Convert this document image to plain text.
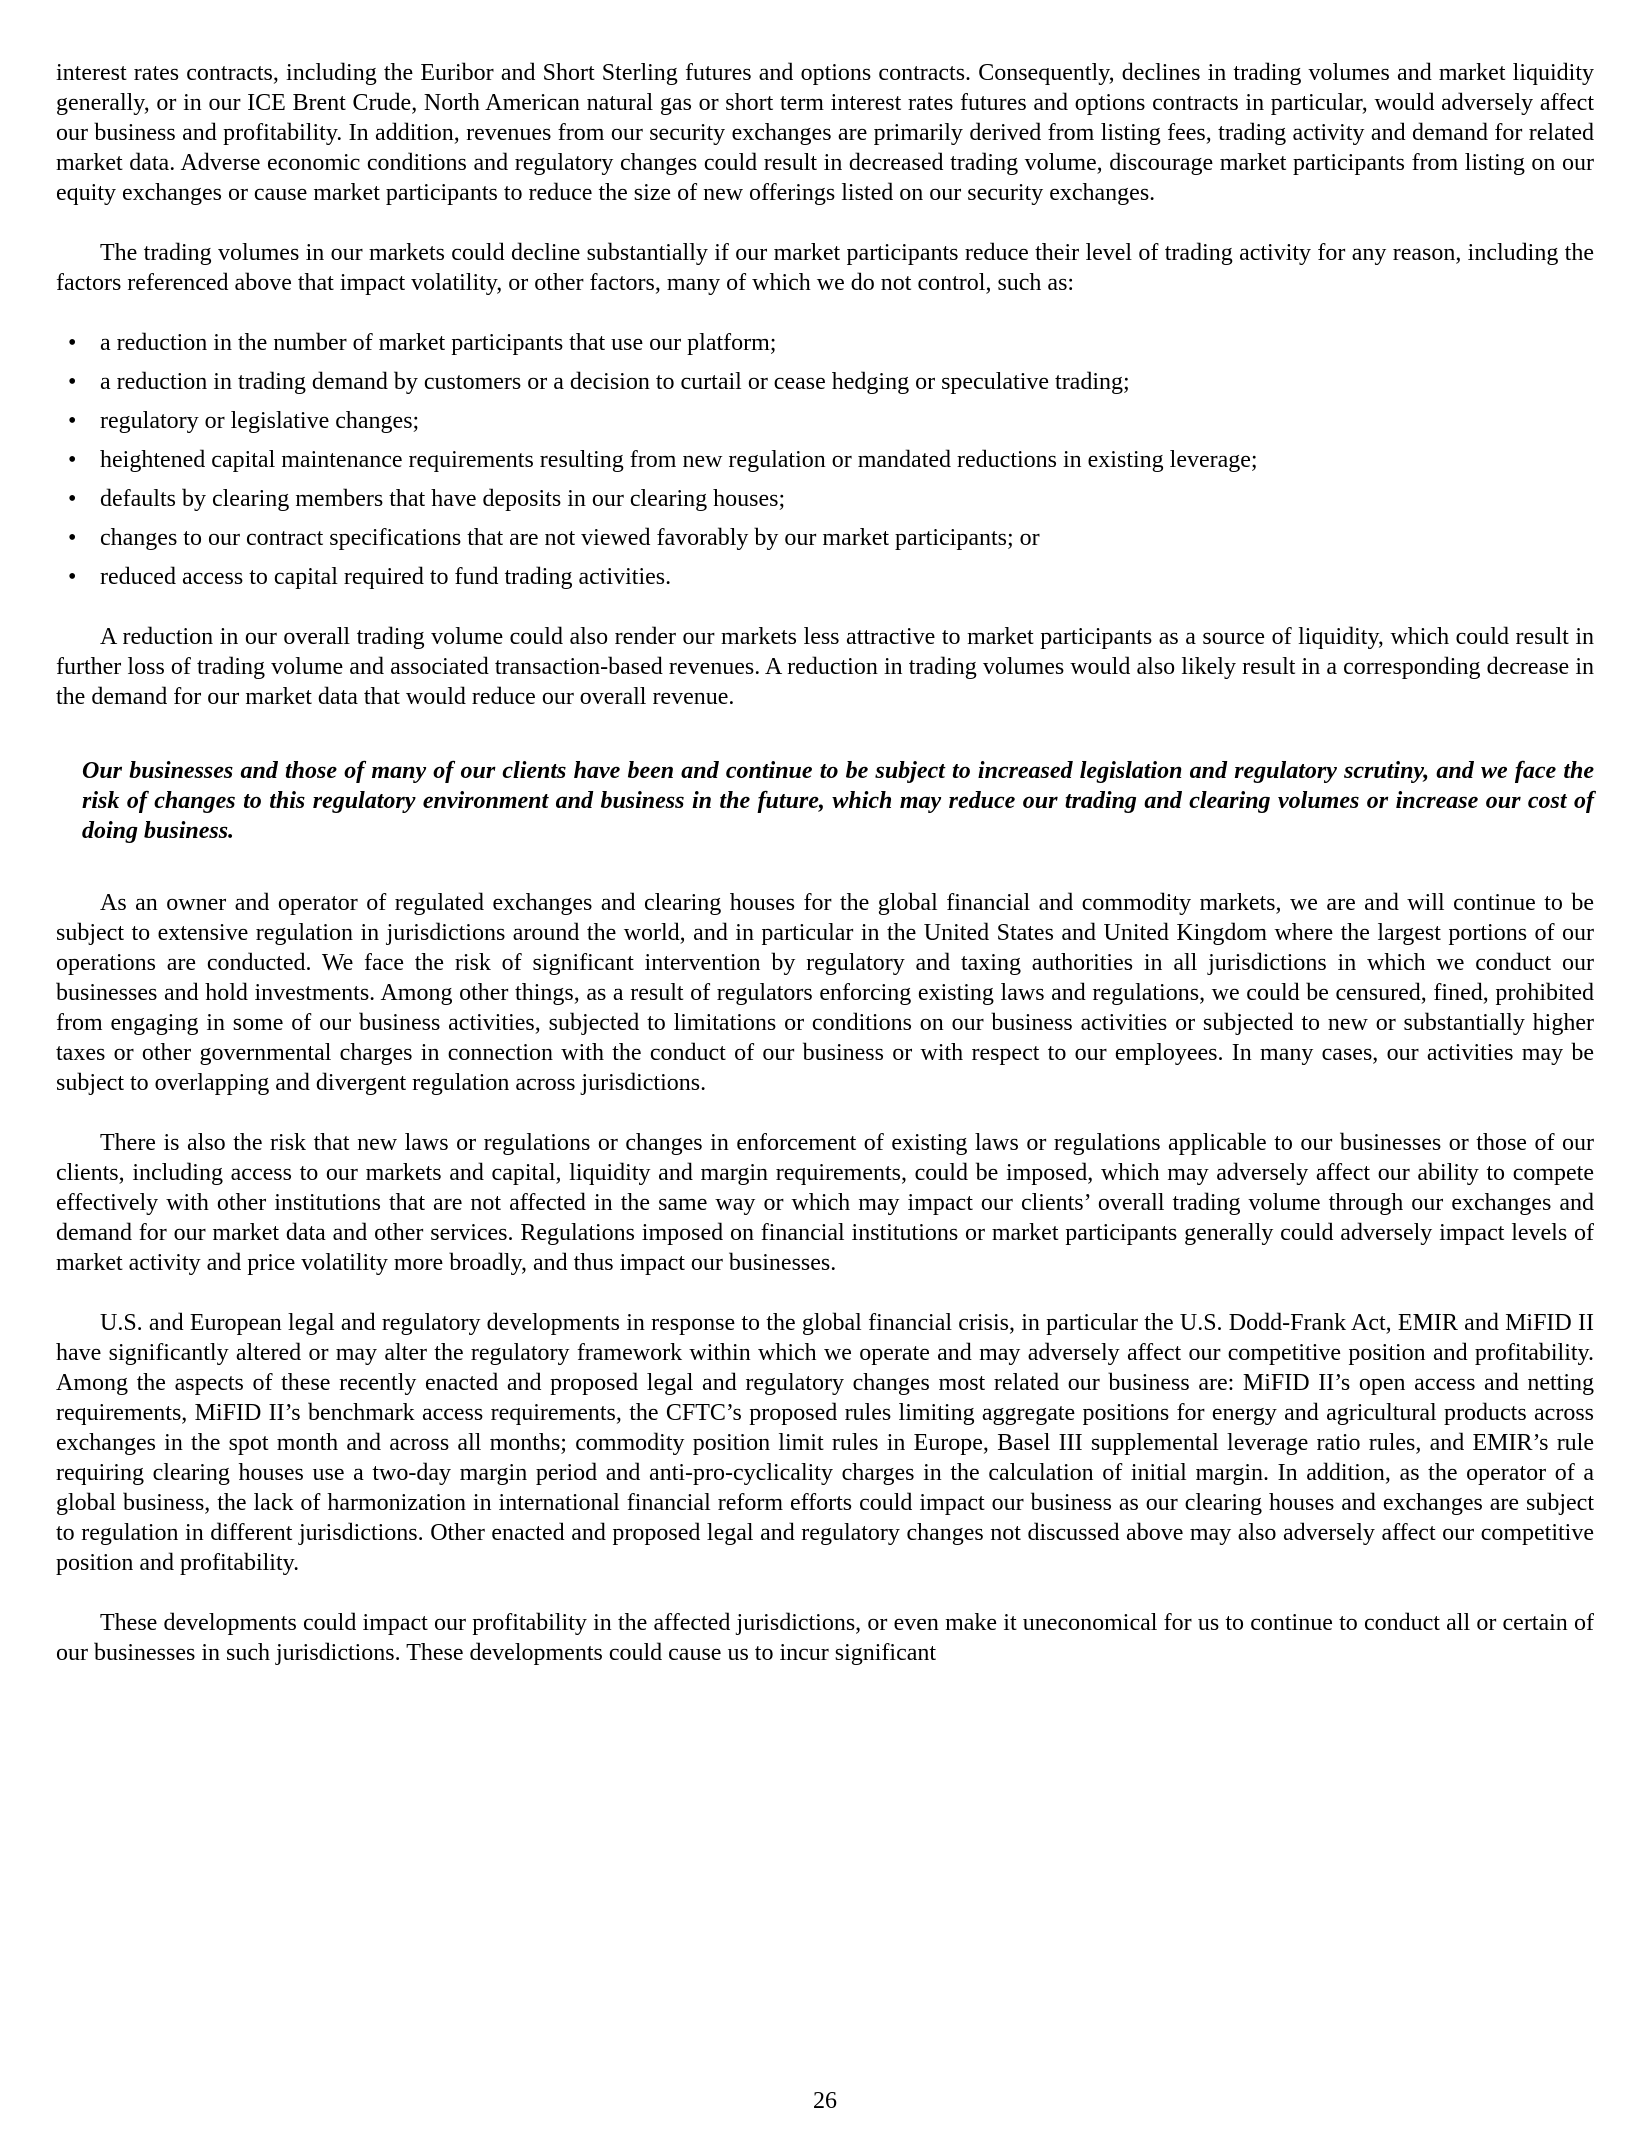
interest rates contracts, including the Euribor and Short Sterling futures and options contracts. Consequently, declines in trading volumes and market liquidity generally, or in our ICE Brent Crude, North American natural gas or short term interest rates futures and options contracts in particular, would adversely affect our business and profitability. In addition, revenues from our security exchanges are primarily derived from listing fees, trading activity and demand for related market data. Adverse economic conditions and regulatory changes could result in decreased trading volume, discourage market participants from listing on our equity exchanges or cause market participants to reduce the size of new offerings listed on our security exchanges.

The trading volumes in our markets could decline substantially if our market participants reduce their level of trading activity for any reason, including the factors referenced above that impact volatility, or other factors, many of which we do not control, such as:

• a reduction in the number of market participants that use our platform;
• a reduction in trading demand by customers or a decision to curtail or cease hedging or speculative trading;
• regulatory or legislative changes;
• heightened capital maintenance requirements resulting from new regulation or mandated reductions in existing leverage;
• defaults by clearing members that have deposits in our clearing houses;
• changes to our contract specifications that are not viewed favorably by our market participants; or
• reduced access to capital required to fund trading activities.

A reduction in our overall trading volume could also render our markets less attractive to market participants as a source of liquidity, which could result in further loss of trading volume and associated transaction-based revenues. A reduction in trading volumes would also likely result in a corresponding decrease in the demand for our market data that would reduce our overall revenue.

Our businesses and those of many of our clients have been and continue to be subject to increased legislation and regulatory scrutiny, and we face the risk of changes to this regulatory environment and business in the future, which may reduce our trading and clearing volumes or increase our cost of doing business.

As an owner and operator of regulated exchanges and clearing houses for the global financial and commodity markets, we are and will continue to be subject to extensive regulation in jurisdictions around the world, and in particular in the United States and United Kingdom where the largest portions of our operations are conducted. We face the risk of significant intervention by regulatory and taxing authorities in all jurisdictions in which we conduct our businesses and hold investments. Among other things, as a result of regulators enforcing existing laws and regulations, we could be censured, fined, prohibited from engaging in some of our business activities, subjected to limitations or conditions on our business activities or subjected to new or substantially higher taxes or other governmental charges in connection with the conduct of our business or with respect to our employees. In many cases, our activities may be subject to overlapping and divergent regulation across jurisdictions.

There is also the risk that new laws or regulations or changes in enforcement of existing laws or regulations applicable to our businesses or those of our clients, including access to our markets and capital, liquidity and margin requirements, could be imposed, which may adversely affect our ability to compete effectively with other institutions that are not affected in the same way or which may impact our clients’ overall trading volume through our exchanges and demand for our market data and other services. Regulations imposed on financial institutions or market participants generally could adversely impact levels of market activity and price volatility more broadly, and thus impact our businesses.

U.S. and European legal and regulatory developments in response to the global financial crisis, in particular the U.S. Dodd-Frank Act, EMIR and MiFID II have significantly altered or may alter the regulatory framework within which we operate and may adversely affect our competitive position and profitability. Among the aspects of these recently enacted and proposed legal and regulatory changes most related our business are: MiFID II’s open access and netting requirements, MiFID II’s benchmark access requirements, the CFTC’s proposed rules limiting aggregate positions for energy and agricultural products across exchanges in the spot month and across all months; commodity position limit rules in Europe, Basel III supplemental leverage ratio rules, and EMIR’s rule requiring clearing houses use a two-day margin period and anti-pro-cyclicality charges in the calculation of initial margin. In addition, as the operator of a global business, the lack of harmonization in international financial reform efforts could impact our business as our clearing houses and exchanges are subject to regulation in different jurisdictions. Other enacted and proposed legal and regulatory changes not discussed above may also adversely affect our competitive position and profitability.

These developments could impact our profitability in the affected jurisdictions, or even make it uneconomical for us to continue to conduct all or certain of our businesses in such jurisdictions. These developments could cause us to incur significant

26
